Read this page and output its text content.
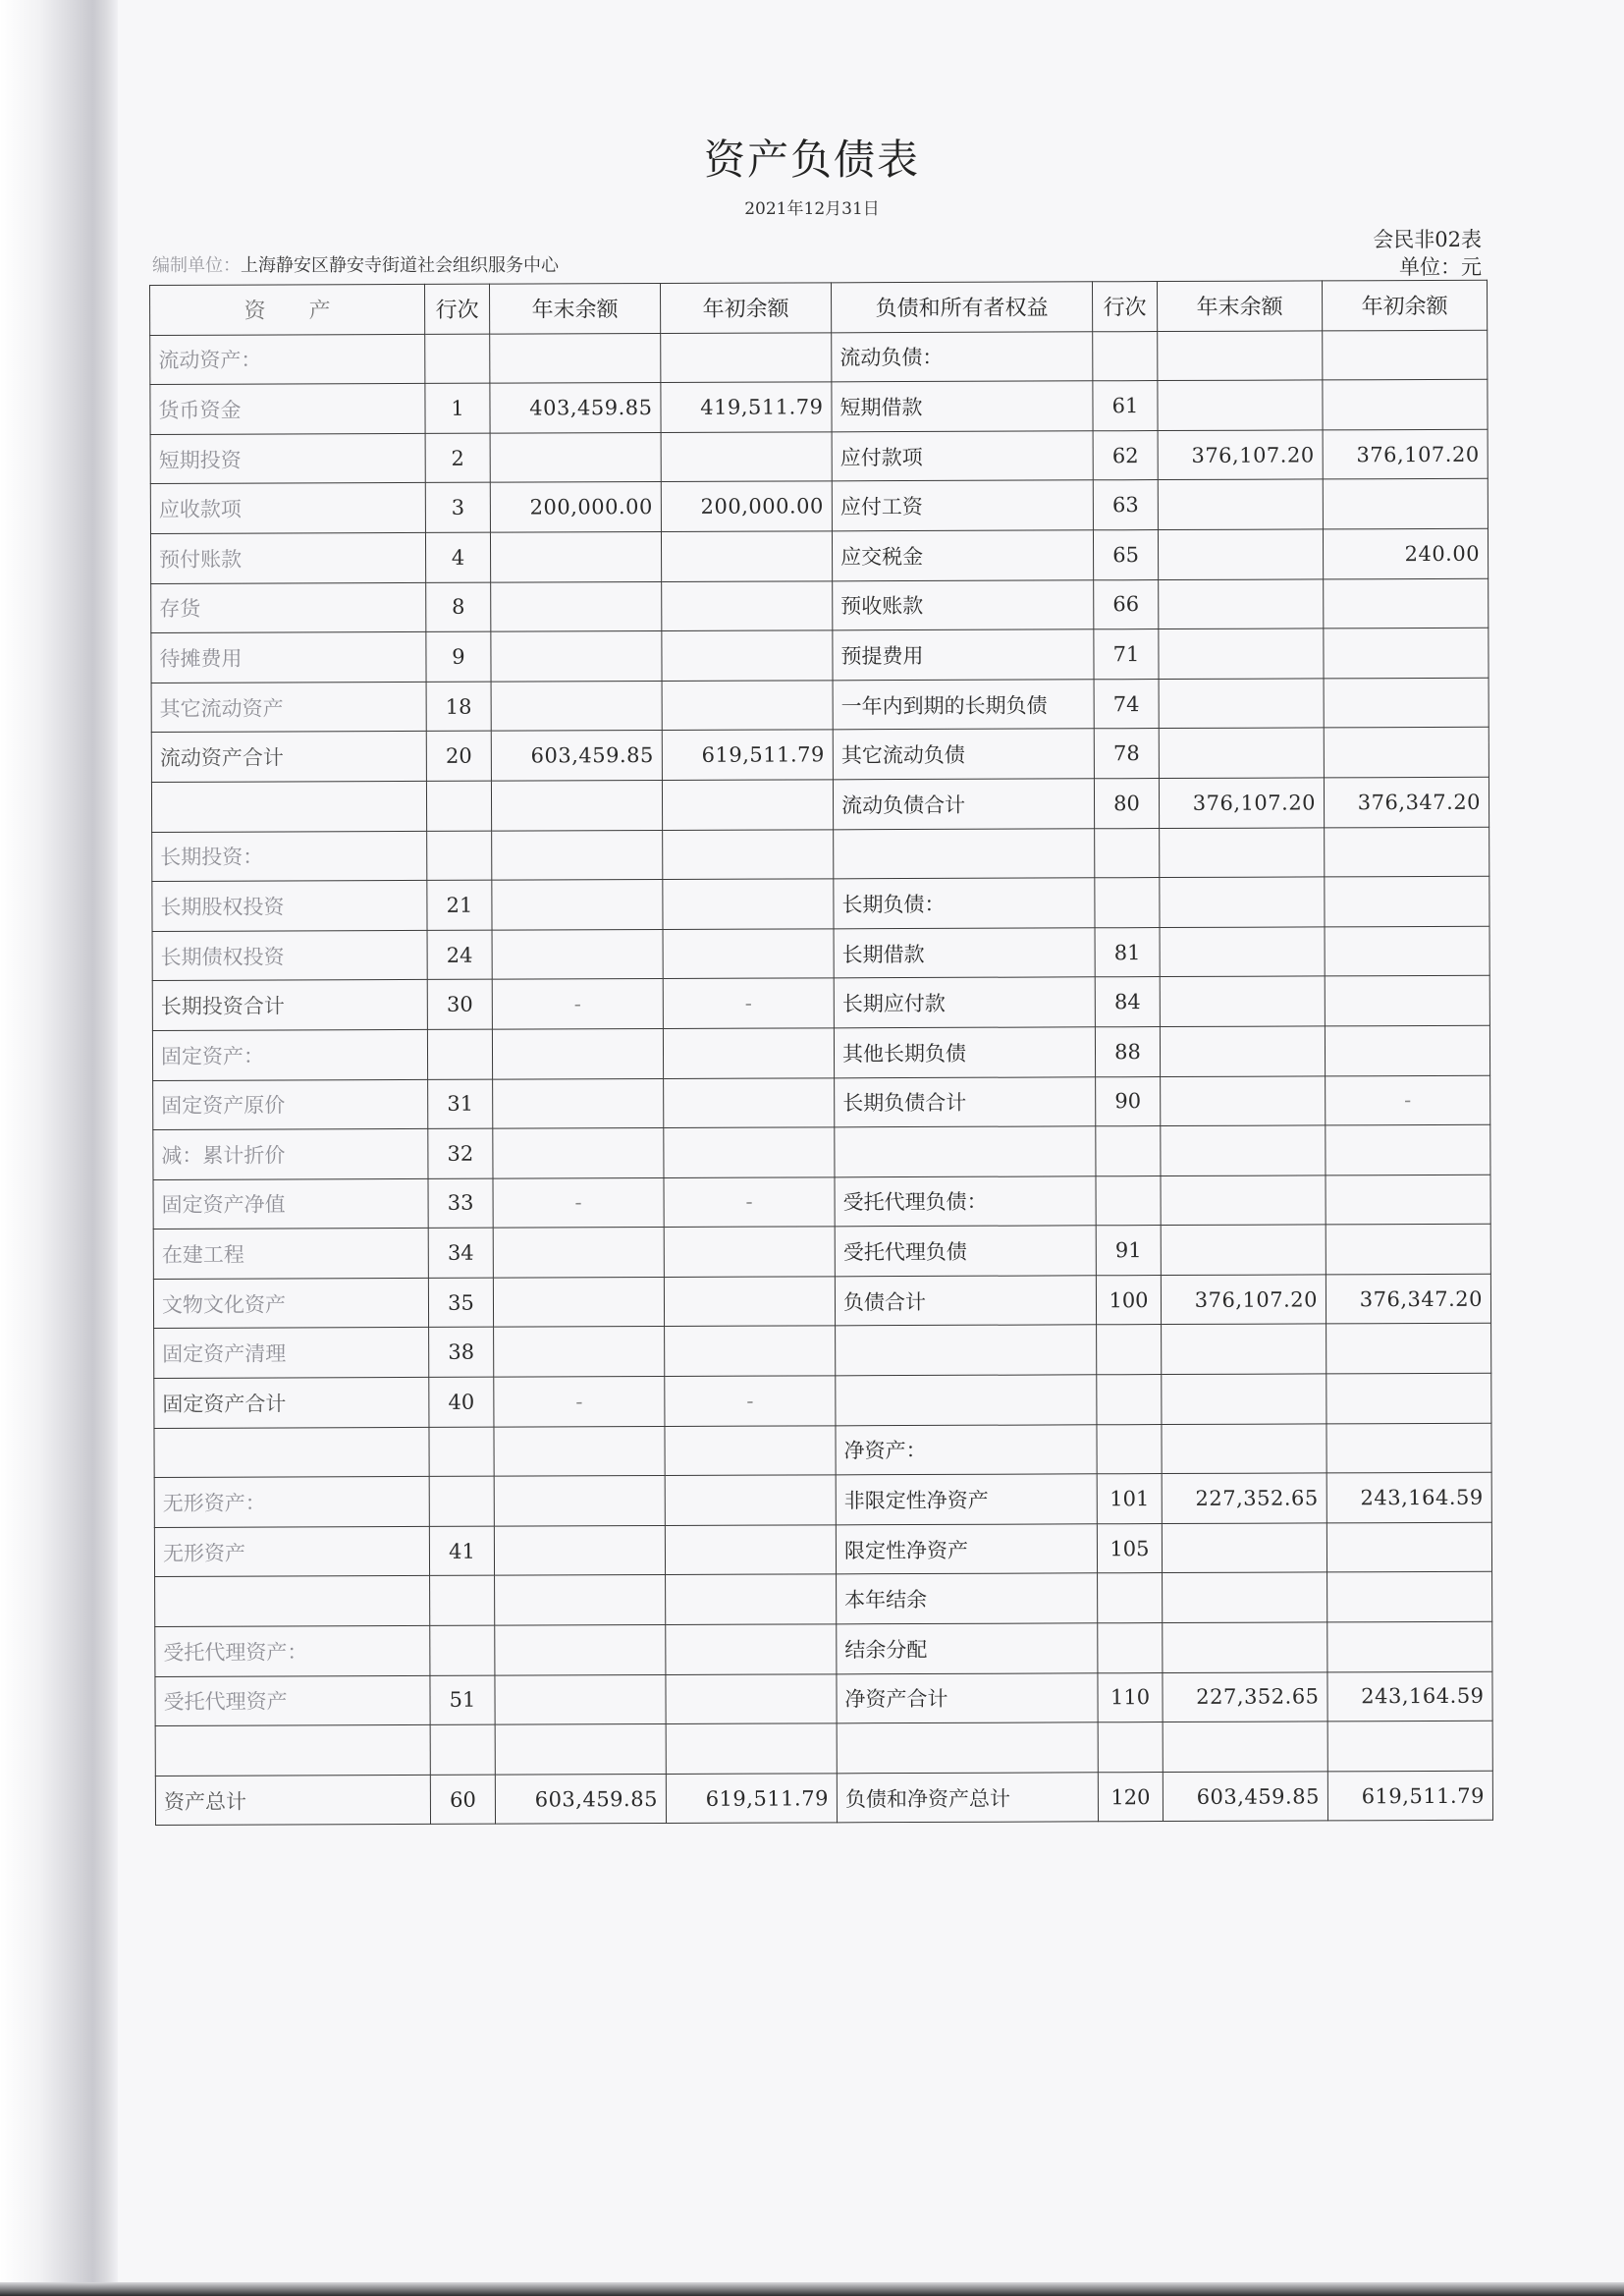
资产负债表
2021年12月31日
会民非02表
单位：元
编制单位：上海静安区静安寺街道社会组织服务中心
资　　产	行次	年末余额	年初余额	负债和所有者权益	行次	年末余额	年初余额
流动资产：				流动负债：			
货币资金	1	403,459.85	419,511.79	短期借款	61		
短期投资	2			应付款项	62	376,107.20	376,107.20
应收款项	3	200,000.00	200,000.00	应付工资	63		
预付账款	4			应交税金	65		240.00
存货	8			预收账款	66		
待摊费用	9			预提费用	71		
其它流动资产	18			一年内到期的长期负债	74		
流动资产合计	20	603,459.85	619,511.79	其它流动负债	78		
				流动负债合计	80	376,107.20	376,347.20
长期投资：							
长期股权投资	21			长期负债：			
长期债权投资	24			长期借款	81		
长期投资合计	30	-	-	长期应付款	84		
固定资产：				其他长期负债	88		
固定资产原价	31			长期负债合计	90		-
减：累计折价	32						
固定资产净值	33	-	-	受托代理负债：			
在建工程	34			受托代理负债	91		
文物文化资产	35			负债合计	100	376,107.20	376,347.20
固定资产清理	38						
固定资产合计	40	-	-				
				净资产：			
无形资产：				非限定性净资产	101	227,352.65	243,164.59
无形资产	41			限定性净资产	105		
				本年结余			
受托代理资产：				结余分配			
受托代理资产	51			净资产合计	110	227,352.65	243,164.59

资产总计	60	603,459.85	619,511.79	负债和净资产总计	120	603,459.85	619,511.79
